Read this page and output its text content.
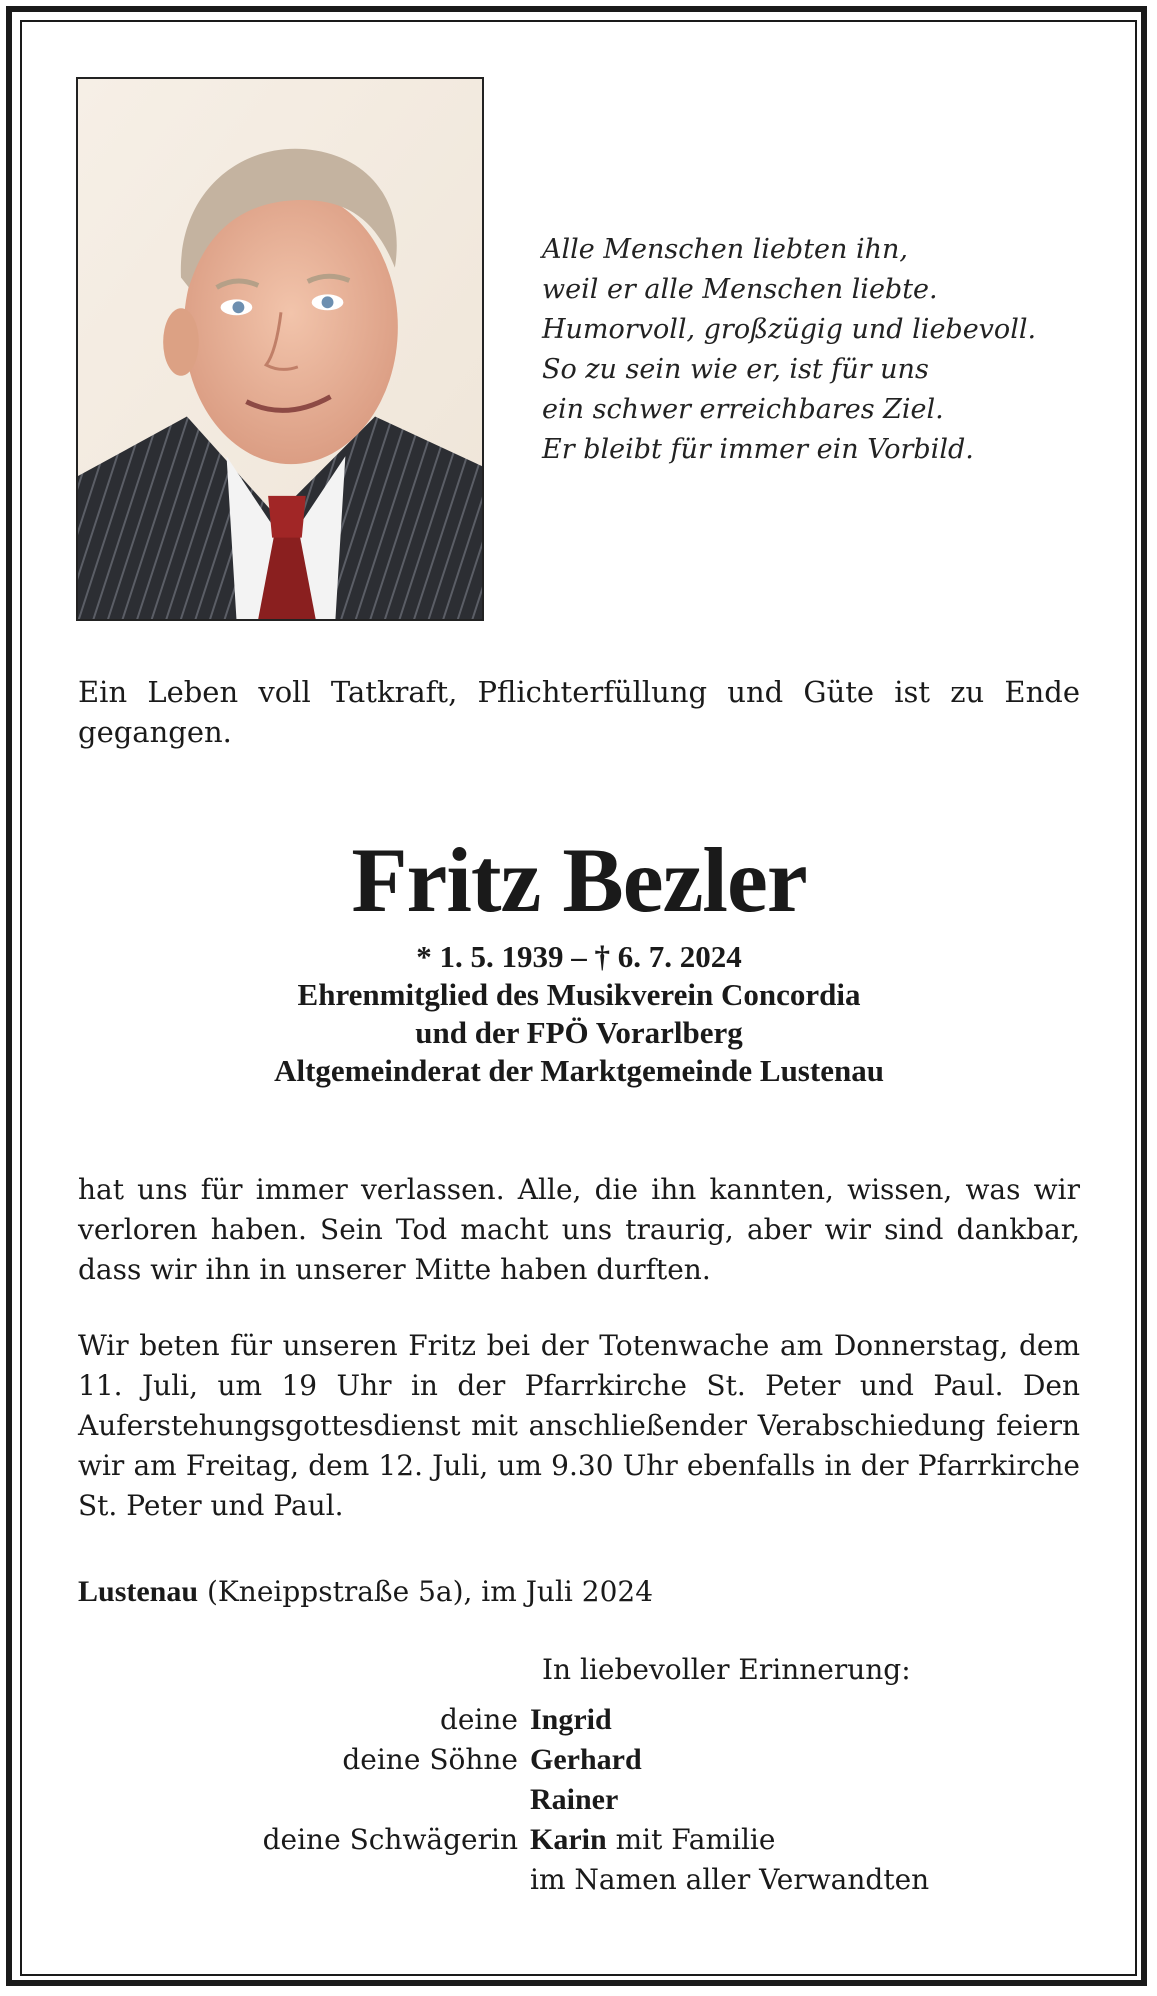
Alle Menschen liebten ihn,
weil er alle Menschen liebte.
Humorvoll, großzügig und liebevoll.
So zu sein wie er, ist für uns
ein schwer erreichbares Ziel.
Er bleibt für immer ein Vorbild.
Ein Leben voll Tatkraft, Pflichterfüllung und Güte ist zu Ende gegangen.
Fritz Bezler
* 1. 5. 1939 – † 6. 7. 2024
Ehrenmitglied des Musikverein Concordia
und der FPÖ Vorarlberg
Altgemeinderat der Marktgemeinde Lustenau
hat uns für immer verlassen. Alle, die ihn kannten, wissen, was wir verloren haben. Sein Tod macht uns traurig, aber wir sind dankbar, dass wir ihn in unserer Mitte haben durften.
Wir beten für unseren Fritz bei der Totenwache am Donnerstag, dem 11. Juli, um 19 Uhr in der Pfarrkirche St. Peter und Paul. Den Auferstehungsgottesdienst mit anschließender Verabschiedung feiern wir am Freitag, dem 12. Juli, um 9.30 Uhr ebenfalls in der Pfarrkirche St. Peter und Paul.
Lustenau (Kneippstraße 5a), im Juli 2024
In liebevoller Erinnerung:
deine Ingrid
deine Söhne Gerhard
Rainer
deine Schwägerin Karin mit Familie
im Namen aller Verwandten
